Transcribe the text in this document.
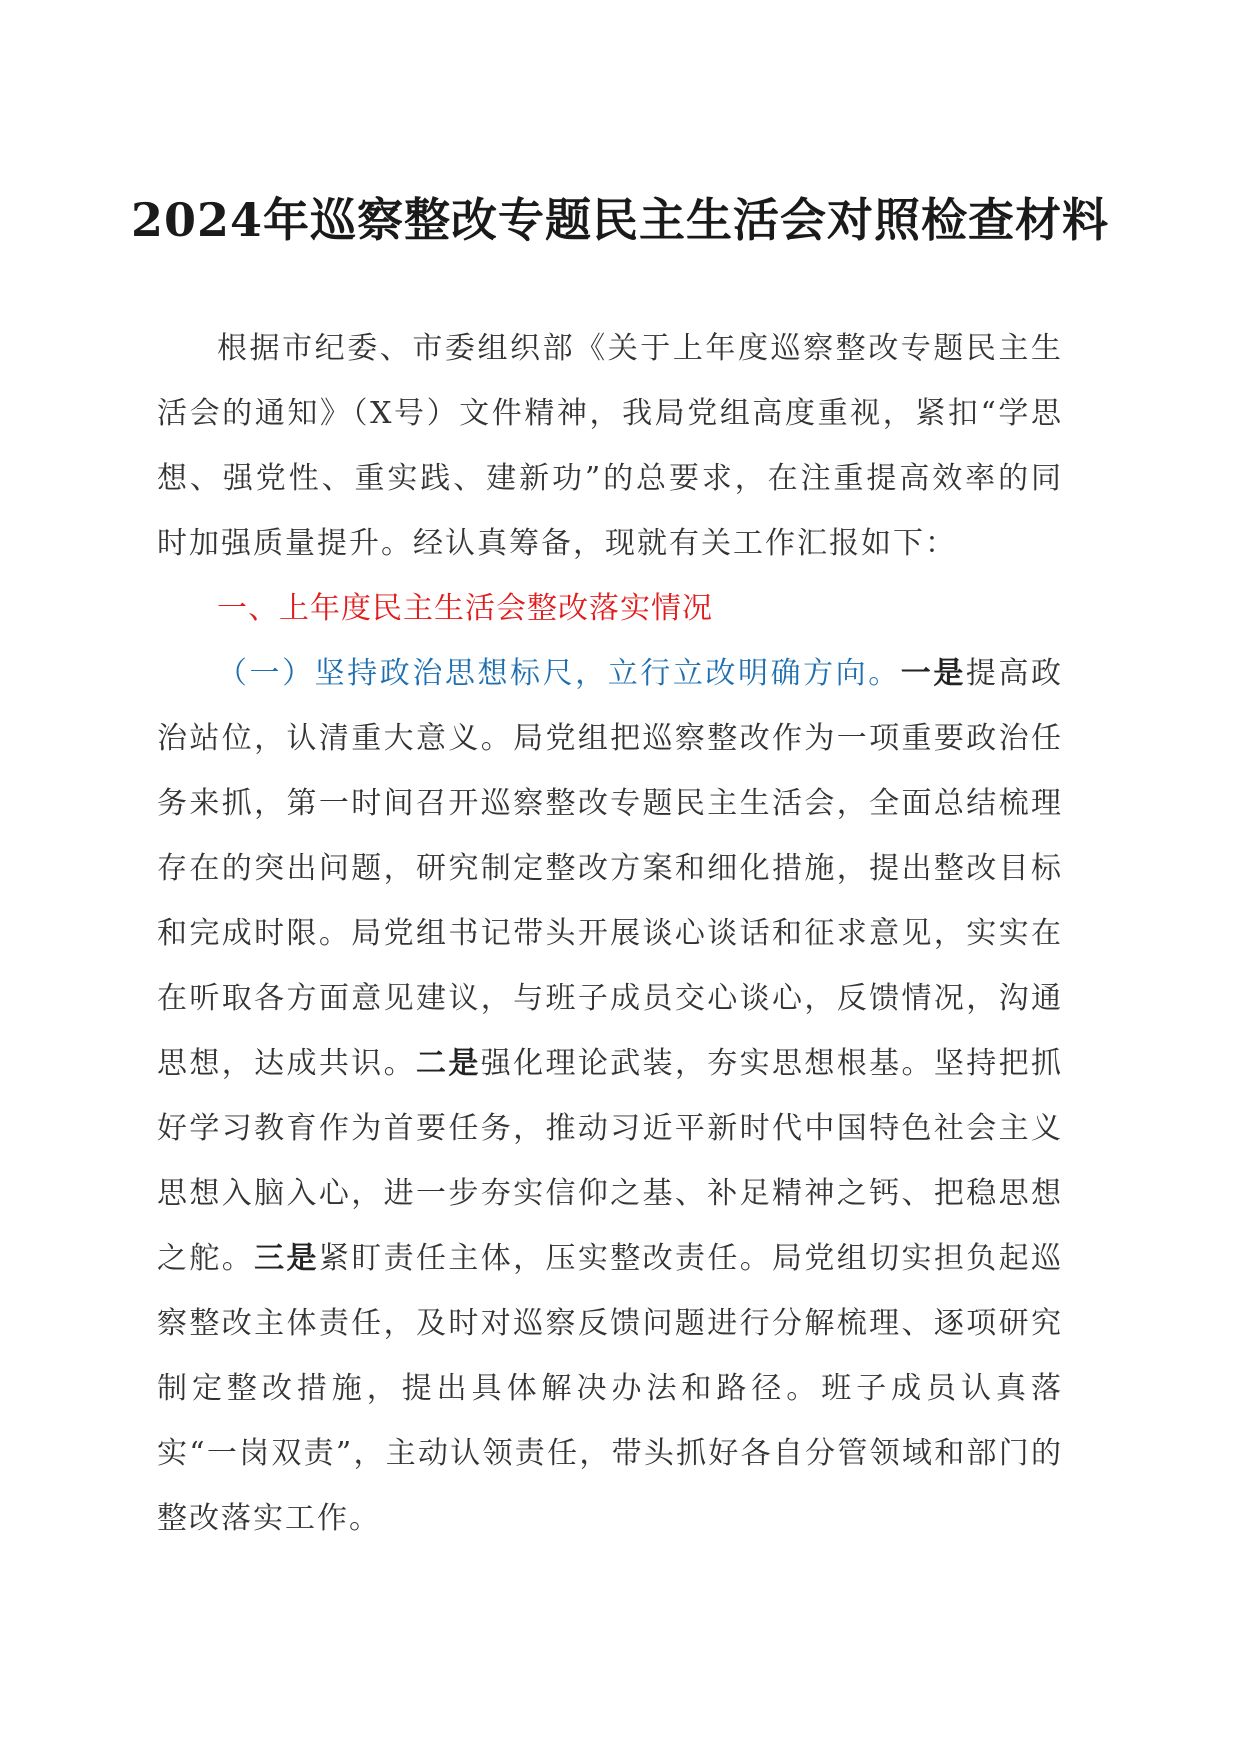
2024年巡察整改专题民主生活会对照检查材料

根据市纪委、市委组织部《关于上年度巡察整改专题民主生活会的通知》（X号）文件精神，我局党组高度重视，紧扣“学思想、强党性、重实践、建新功”的总要求，在注重提高效率的同时加强质量提升。经认真筹备，现就有关工作汇报如下：

一、上年度民主生活会整改落实情况

（一）坚持政治思想标尺，立行立改明确方向。一是提高政治站位，认清重大意义。局党组把巡察整改作为一项重要政治任务来抓，第一时间召开巡察整改专题民主生活会，全面总结梳理存在的突出问题，研究制定整改方案和细化措施，提出整改目标和完成时限。局党组书记带头开展谈心谈话和征求意见，实实在在听取各方面意见建议，与班子成员交心谈心，反馈情况，沟通思想，达成共识。二是强化理论武装，夯实思想根基。坚持把抓好学习教育作为首要任务，推动习近平新时代中国特色社会主义思想入脑入心，进一步夯实信仰之基、补足精神之钙、把稳思想之舵。三是紧盯责任主体，压实整改责任。局党组切实担负起巡察整改主体责任，及时对巡察反馈问题进行分解梳理、逐项研究制定整改措施，提出具体解决办法和路径。班子成员认真落实“一岗双责”，主动认领责任，带头抓好各自分管领域和部门的整改落实工作。
